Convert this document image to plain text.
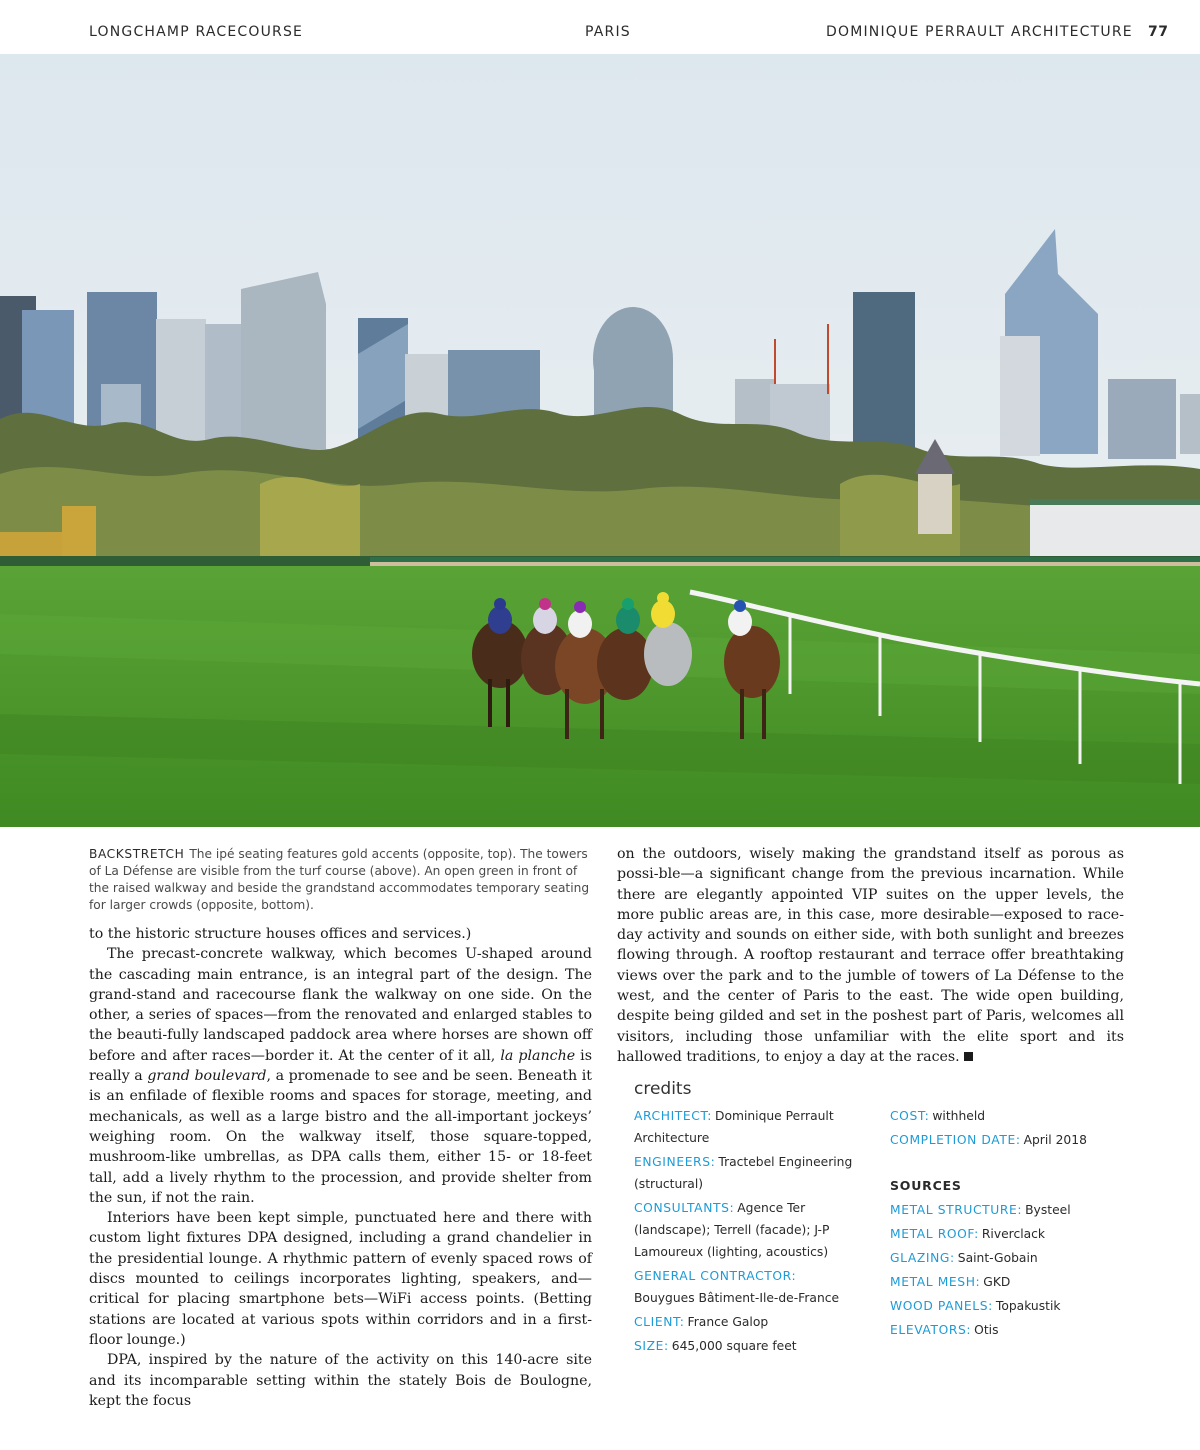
LONGCHAMP RACECOURSE	PARIS	DOMINIQUE PERRAULT ARCHITECTURE 77
BACKSTRETCH The ipé seating features gold accents (opposite, top). The towers of La Défense are visible from the turf course (above). An open green in front of the raised walkway and beside the grandstand accommodates temporary seating for larger crowds (opposite, bottom).

to the historic structure houses offices and services.)

The precast-concrete walkway, which becomes U-shaped around the cascading main entrance, is an integral part of the design. The grand-stand and racecourse flank the walkway on one side. On the other, a series of spaces—from the renovated and enlarged stables to the beauti-fully landscaped paddock area where horses are shown off before and after races—border it. At the center of it all, la planche is really a grand boulevard, a promenade to see and be seen. Beneath it is an enfilade of flexible rooms and spaces for storage, meeting, and mechanicals, as well as a large bistro and the all-important jockeys’ weighing room. On the walkway itself, those square-topped, mushroom-like umbrellas, as DPA calls them, either 15- or 18-feet tall, add a lively rhythm to the procession, and provide shelter from the sun, if not the rain.

Interiors have been kept simple, punctuated here and there with custom light fixtures DPA designed, including a grand chandelier in the presidential lounge. A rhythmic pattern of evenly spaced rows of discs mounted to ceilings incorporates lighting, speakers, and—critical for placing smartphone bets—WiFi access points. (Betting stations are located at various spots within corridors and in a first-floor lounge.)

DPA, inspired by the nature of the activity on this 140-acre site and its incomparable setting within the stately Bois de Boulogne, kept the focus

on the outdoors, wisely making the grandstand itself as porous as possi-ble—a significant change from the previous incarnation. While there are elegantly appointed VIP suites on the upper levels, the more public areas are, in this case, more desirable—exposed to race-day activity and sounds on either side, with both sunlight and breezes flowing through. A rooftop restaurant and terrace offer breathtaking views over the park and to the jumble of towers of La Défense to the west, and the center of Paris to the east. The wide open building, despite being gilded and set in the poshest part of Paris, welcomes all visitors, including those unfamiliar with the elite sport and its hallowed traditions, to enjoy a day at the races.

credits
ARCHITECT: Dominique Perrault Architecture
ENGINEERS: Tractebel Engineering (structural)
CONSULTANTS: Agence Ter (landscape); Terrell (facade); J-P Lamoureux (lighting, acoustics)
GENERAL CONTRACTOR:
Bouygues Bâtiment-Ile-de-France
CLIENT: France Galop
SIZE: 645,000 square feet
COST: withheld
COMPLETION DATE: April 2018
SOURCES
METAL STRUCTURE: Bysteel
METAL ROOF: Riverclack
GLAZING: Saint-Gobain
METAL MESH: GKD
WOOD PANELS: Topakustik
ELEVATORS: Otis
